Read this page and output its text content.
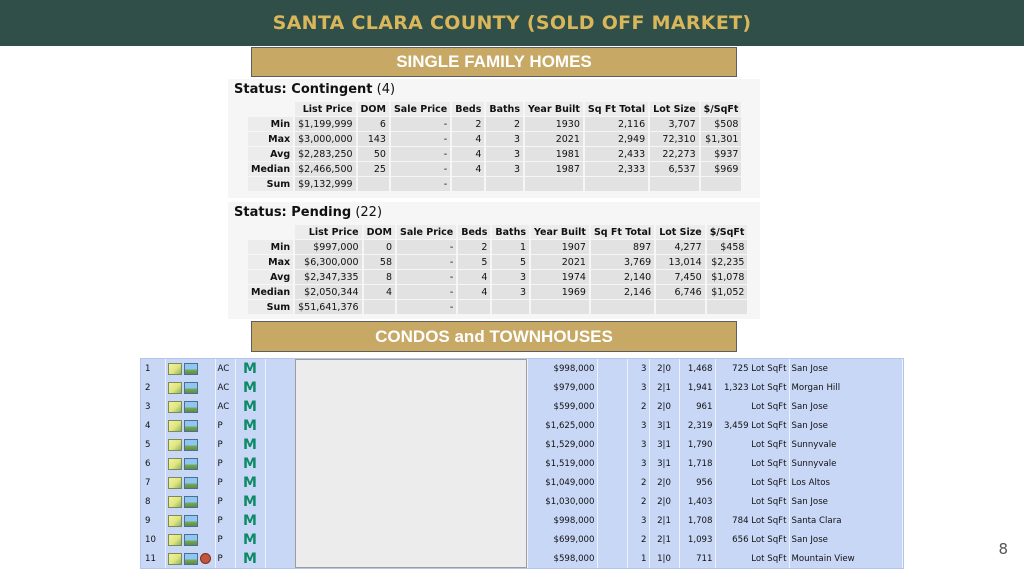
SANTA CLARA COUNTY (SOLD OFF MARKET)
SINGLE FAMILY HOMES
Status: Contingent (4)
	List Price	DOM	Sale Price	Beds	Baths	Year Built	Sq Ft Total	Lot Size	$/SqFt
Min	$1,199,999	6	-	2	2	1930	2,116	3,707	$508
Max	$3,000,000	143	-	4	3	2021	2,949	72,310	$1,301
Avg	$2,283,250	50	-	4	3	1981	2,433	22,273	$937
Median	$2,466,500	25	-	4	3	1987	2,333	6,537	$969
Sum	$9,132,999		-						
Status: Pending (22)
	List Price	DOM	Sale Price	Beds	Baths	Year Built	Sq Ft Total	Lot Size	$/SqFt
Min	$997,000	0	-	2	1	1907	897	4,277	$458
Max	$6,300,000	58	-	5	5	2021	3,769	13,014	$2,235
Avg	$2,347,335	8	-	4	3	1974	2,140	7,450	$1,078
Median	$2,050,344	4	-	4	3	1969	2,146	6,746	$1,052
Sum	$51,641,376		-						
CONDOS and TOWNHOUSES
1		AC	M		$998,000		3	2|0	1,468	725 Lot SqFt	San Jose
2		AC	M		$979,000		3	2|1	1,941	1,323 Lot SqFt	Morgan Hill
3		AC	M		$599,000		2	2|0	961	Lot SqFt	San Jose
4		P	M		$1,625,000		3	3|1	2,319	3,459 Lot SqFt	San Jose
5		P	M		$1,529,000		3	3|1	1,790	Lot SqFt	Sunnyvale
6		P	M		$1,519,000		3	3|1	1,718	Lot SqFt	Sunnyvale
7		P	M		$1,049,000		2	2|0	956	Lot SqFt	Los Altos
8		P	M		$1,030,000		2	2|0	1,403	Lot SqFt	San Jose
9		P	M		$998,000		3	2|1	1,708	784 Lot SqFt	Santa Clara
10		P	M		$699,000		2	2|1	1,093	656 Lot SqFt	San Jose
11		P	M		$598,000		1	1|0	711	Lot SqFt	Mountain View
8
